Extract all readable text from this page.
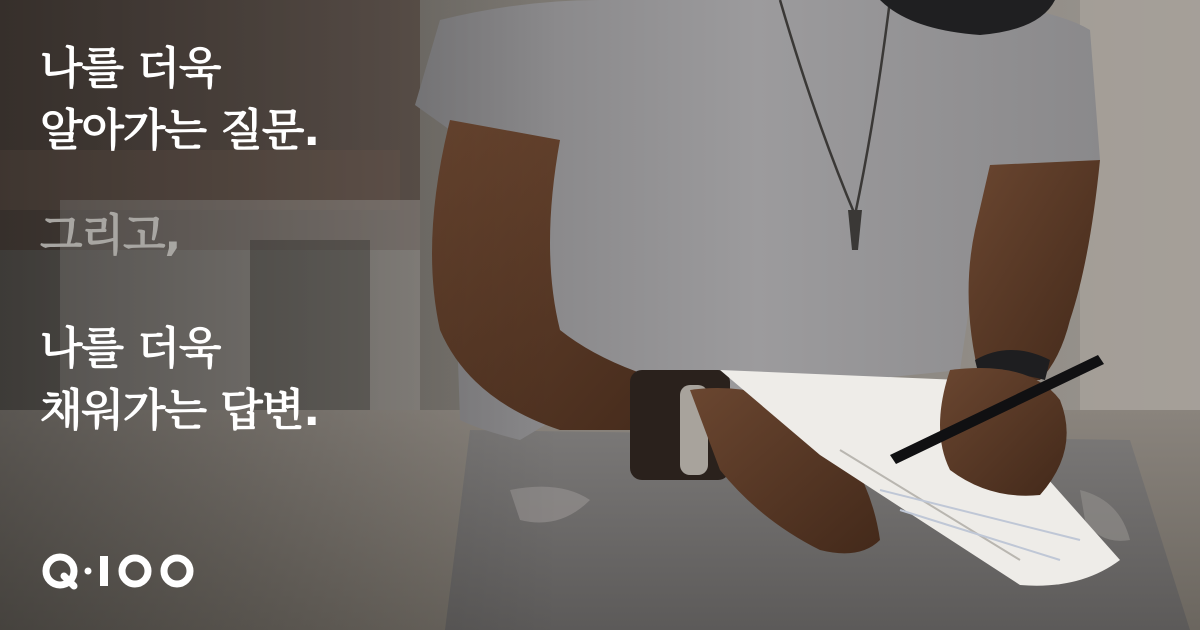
나를 더욱
알아가는 질문.
그리고,
나를 더욱
채워가는 답변.
